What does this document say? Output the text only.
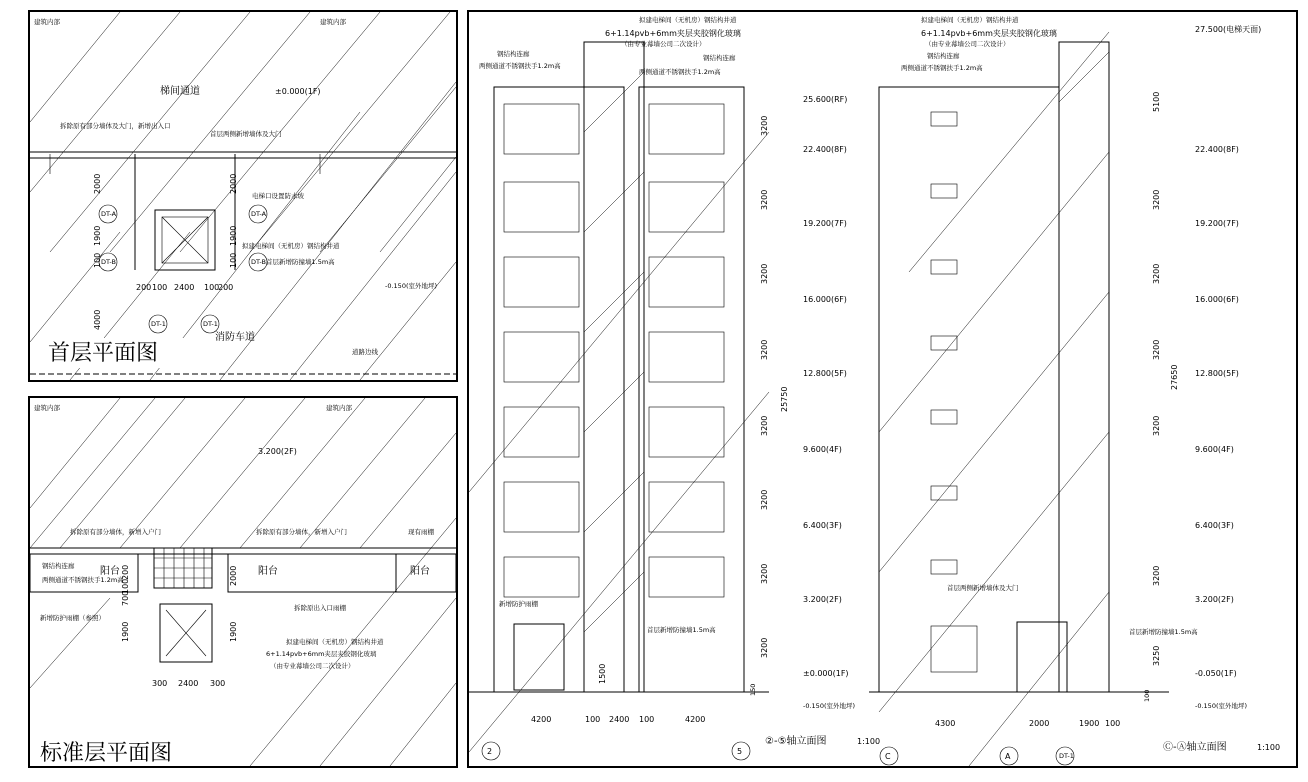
建筑内部	建筑内部
梯间通道	±0.000(1F)
拆除原有部分墙体及大门，新增出入口
首层两侧新增墙体及大门
电梯口设置防水坡
拟建电梯间（无机房）钢结构井道
首层新增防撞墙1.5m高
-0.150(室外地坪)
消防车道
道路边线
DT-A	DT-A
DT-B	DT-B
DT-1	DT-1
2000
1900
100
2000
1900
100
4000
200 100 2400 100
200
首层平面图
建筑内部	建筑内部
3.200(2F)
拆除原有部分墙体，新增入户门	拆除原有部分墙体，新增入户门	现有雨棚
钢结构连廊
两侧通道不锈钢扶手1.2m高
阳台	阳台	阳台
新增防护雨棚（参照）
拆除原出入口雨棚
拟建电梯间（无机房）钢结构井道
6+1.14pvb+6mm夹层夹胶钢化玻璃
（由专业幕墙公司二次设计）
200
100
700
1900
2000
1900
300 2400 300
标准层平面图
拟建电梯间（无机房）钢结构井道
6+1.14pvb+6mm夹层夹胶钢化玻璃
（由专业幕墙公司二次设计）
钢结构连廊
两侧通道不锈钢扶手1.2m高
钢结构连廊
两侧通道不锈钢扶手1.2m高
新增防护雨棚
首层新增防撞墙1.5m高
25.600(RF)
22.400(8F)
19.200(7F)
16.000(6F)
12.800(5F)
9.600(4F)
6.400(3F)
3.200(2F)
±0.000(1F)
-0.150(室外地坪)
3200
3200
3200
3200
3200
3200
3200
3200
1500
150
25750
4200	100 2400 100	4200
2	5
②-⑤轴立面图	1:100
拟建电梯间（无机房）钢结构井道
6+1.14pvb+6mm夹层夹胶钢化玻璃
（由专业幕墙公司二次设计）
钢结构连廊
两侧通道不锈钢扶手1.2m高
首层两侧新增墙体及大门
首层新增防撞墙1.5m高
27.500(电梯天面)
22.400(8F)
19.200(7F)
16.000(6F)
12.800(5F)
9.600(4F)
6.400(3F)
3.200(2F)
-0.050(1F)
-0.150(室外地坪)
5100
3200
3200
3200
3200
3200
3250
100
27650
4300	2000	1900 100
C	A	DT-1
Ⓒ-Ⓐ轴立面图	1:100
